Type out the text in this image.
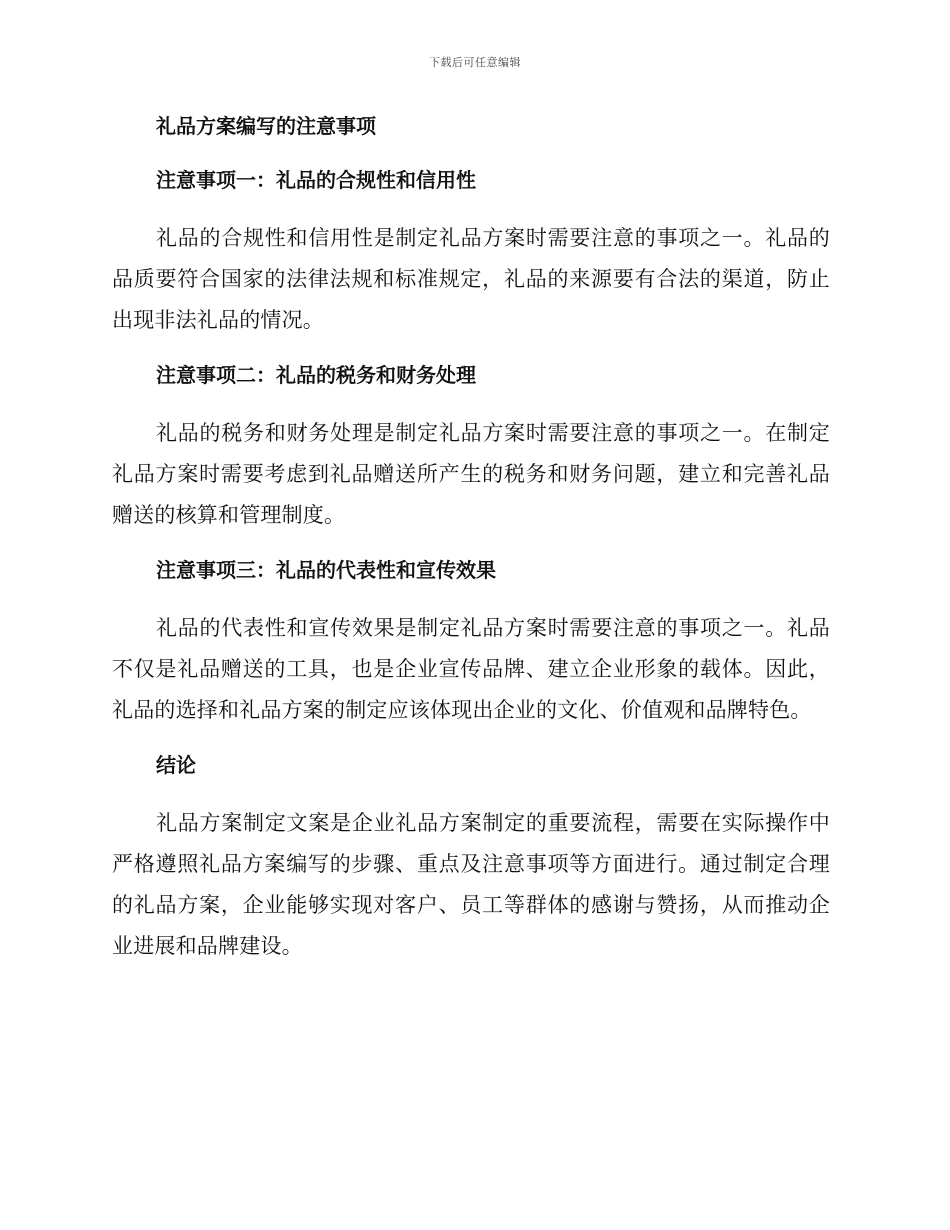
下载后可任意编辑
礼品方案编写的注意事项
注意事项一：礼品的合规性和信用性
礼品的合规性和信用性是制定礼品方案时需要注意的事项之一。礼品的品质要符合国家的法律法规和标准规定，礼品的来源要有合法的渠道，防止出现非法礼品的情况。
注意事项二：礼品的税务和财务处理
礼品的税务和财务处理是制定礼品方案时需要注意的事项之一。在制定礼品方案时需要考虑到礼品赠送所产生的税务和财务问题，建立和完善礼品赠送的核算和管理制度。
注意事项三：礼品的代表性和宣传效果
礼品的代表性和宣传效果是制定礼品方案时需要注意的事项之一。礼品不仅是礼品赠送的工具，也是企业宣传品牌、建立企业形象的载体。因此，礼品的选择和礼品方案的制定应该体现出企业的文化、价值观和品牌特色。
结论
礼品方案制定文案是企业礼品方案制定的重要流程，需要在实际操作中严格遵照礼品方案编写的步骤、重点及注意事项等方面进行。通过制定合理的礼品方案，企业能够实现对客户、员工等群体的感谢与赞扬，从而推动企业进展和品牌建设。
